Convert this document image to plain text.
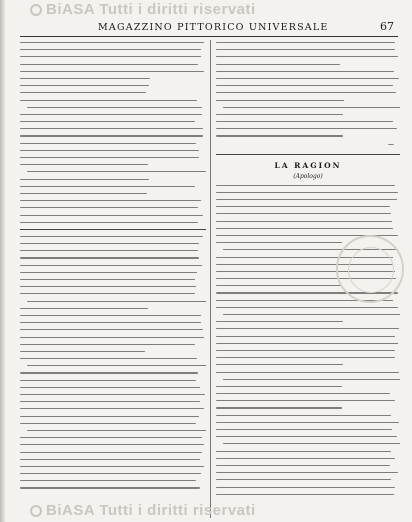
BiASA Tutti i diritti riservati
MAGAZZINO PITTORICO UNIVERSALE	67
—
LA RAGION
(Apologo)
BiASA Tutti i diritti riservati
